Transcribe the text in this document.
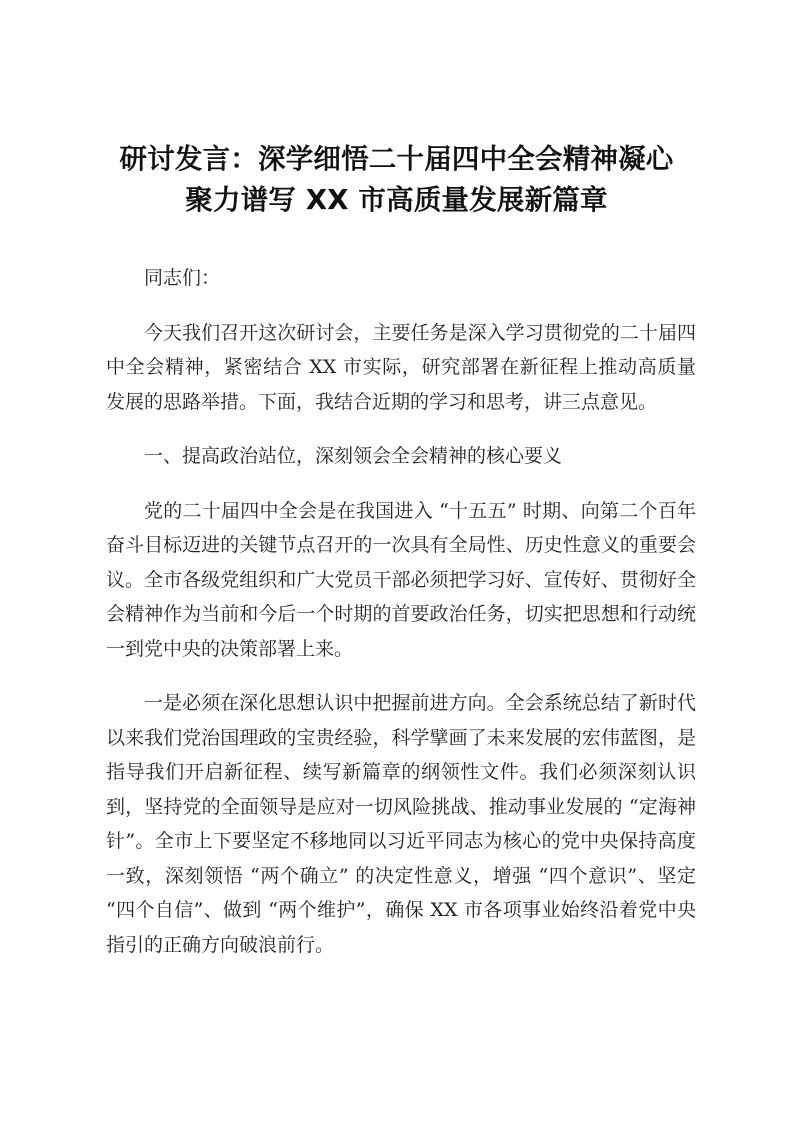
研讨发言：深学细悟二十届四中全会精神凝心
聚力谱写 XX 市高质量发展新篇章

同志们：

今天我们召开这次研讨会，主要任务是深入学习贯彻党的二十届四中全会精神，紧密结合 XX 市实际，研究部署在新征程上推动高质量发展的思路举措。下面，我结合近期的学习和思考，讲三点意见。

一、提高政治站位，深刻领会全会精神的核心要义

党的二十届四中全会是在我国进入 “十五五” 时期、向第二个百年奋斗目标迈进的关键节点召开的一次具有全局性、历史性意义的重要会议。全市各级党组织和广大党员干部必须把学习好、宣传好、贯彻好全会精神作为当前和今后一个时期的首要政治任务，切实把思想和行动统一到党中央的决策部署上来。

一是必须在深化思想认识中把握前进方向。全会系统总结了新时代以来我们党治国理政的宝贵经验，科学擘画了未来发展的宏伟蓝图，是指导我们开启新征程、续写新篇章的纲领性文件。我们必须深刻认识到，坚持党的全面领导是应对一切风险挑战、推动事业发展的 “定海神针”。全市上下要坚定不移地同以习近平同志为核心的党中央保持高度一致，深刻领悟 “两个确立” 的决定性意义，增强 “四个意识”、坚定 “四个自信”、做到 “两个维护”，确保 XX 市各项事业始终沿着党中央指引的正确方向破浪前行。
